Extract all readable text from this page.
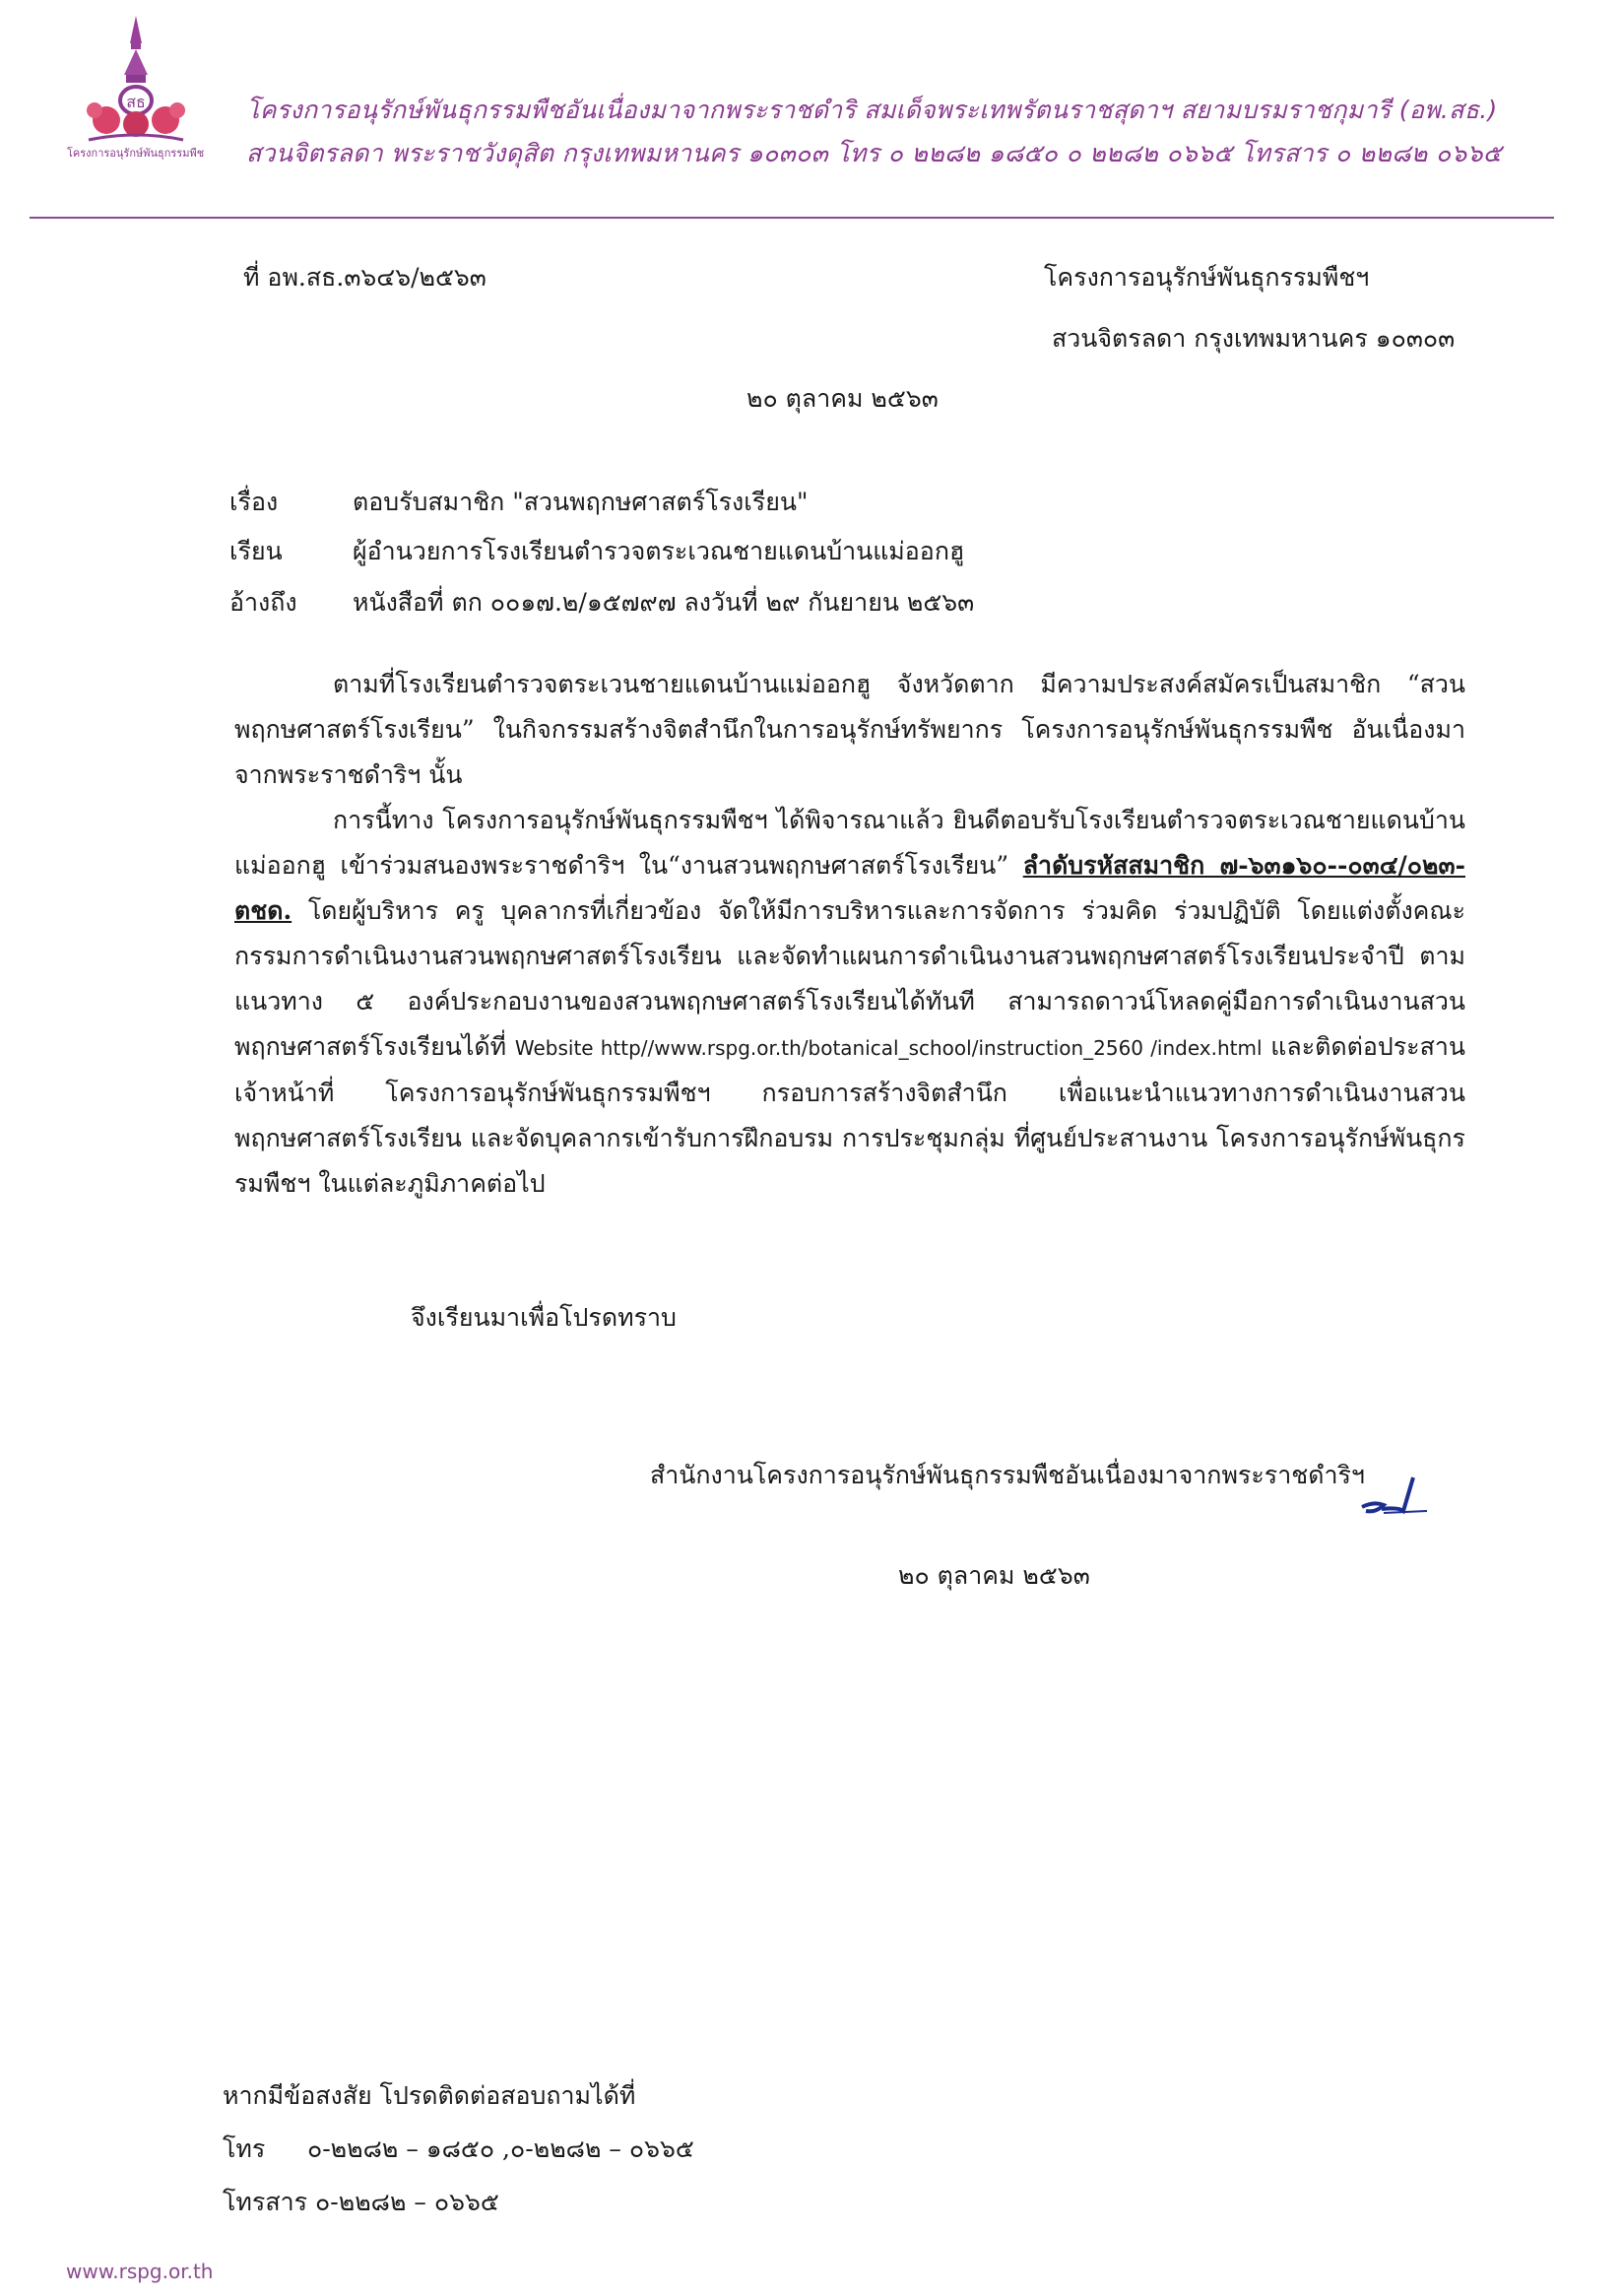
สธ
โครงการอนุรักษ์พันธุกรรมพืช
โครงการอนุรักษ์พันธุกรรมพืชอันเนื่องมาจากพระราชดำริ สมเด็จพระเทพรัตนราชสุดาฯ สยามบรมราชกุมารี (อพ.สธ.)
สวนจิตรลดา พระราชวังดุสิต กรุงเทพมหานคร ๑๐๓๐๓ โทร ๐ ๒๒๘๒ ๑๘๕๐ ๐ ๒๒๘๒ ๐๖๖๕ โทรสาร ๐ ๒๒๘๒ ๐๖๖๕
ที่ อพ.สธ.๓๖๔๖/๒๕๖๓	โครงการอนุรักษ์พันธุกรรมพืชฯ
สวนจิตรลดา กรุงเทพมหานคร ๑๐๓๐๓
๒๐ ตุลาคม ๒๕๖๓
เรื่อง	ตอบรับสมาชิก "สวนพฤกษศาสตร์โรงเรียน"
เรียน	ผู้อำนวยการโรงเรียนตำรวจตระเวณชายแดนบ้านแม่ออกฮู
อ้างถึง หนังสือที่ ตก ๐๐๑๗.๒/๑๕๗๙๗ ลงวันที่ ๒๙ กันยายน ๒๕๖๓

ตามที่โรงเรียนตำรวจตระเวนชายแดนบ้านแม่ออกฮู จังหวัดตาก มีความประสงค์สมัครเป็นสมาชิก “สวนพฤกษศาสตร์โรงเรียน” ในกิจกรรมสร้างจิตสำนึกในการอนุรักษ์ทรัพยากร โครงการอนุรักษ์พันธุกรรมพืช อันเนื่องมาจากพระราชดำริฯ นั้น

การนี้ทาง โครงการอนุรักษ์พันธุกรรมพืชฯ ได้พิจารณาแล้ว ยินดีตอบรับโรงเรียนตำรวจตระเวณชายแดนบ้านแม่ออกฮู เข้าร่วมสนองพระราชดำริฯ ใน“งานสวนพฤกษศาสตร์โรงเรียน” ลำดับรหัสสมาชิก ๗-๖๓๑๖๐--๐๓๔/๐๒๓-ตชด. โดยผู้บริหาร ครู บุคลากรที่เกี่ยวข้อง จัดให้มีการบริหารและการจัดการ ร่วมคิด ร่วมปฏิบัติ โดยแต่งตั้งคณะกรรมการดำเนินงานสวนพฤกษศาสตร์โรงเรียน และจัดทำแผนการดำเนินงานสวนพฤกษศาสตร์โรงเรียนประจำปี ตามแนวทาง ๕ องค์ประกอบงานของสวนพฤกษศาสตร์โรงเรียนได้ทันที สามารถดาวน์โหลดคู่มือการดำเนินงานสวนพฤกษศาสตร์โรงเรียนได้ที่ Website http//www.rspg.or.th/botanical_school/instruction_2560 /index.html และติดต่อประสานเจ้าหน้าที่ โครงการอนุรักษ์พันธุกรรมพืชฯ กรอบการสร้างจิตสำนึก เพื่อแนะนำแนวทางการดำเนินงานสวนพฤกษศาสตร์โรงเรียน และจัดบุคลากรเข้ารับการฝึกอบรม การประชุมกลุ่ม ที่ศูนย์ประสานงาน โครงการอนุรักษ์พันธุกรรมพืชฯ ในแต่ละภูมิภาคต่อไป

จึงเรียนมาเพื่อโปรดทราบ
สำนักงานโครงการอนุรักษ์พันธุกรรมพืชอันเนื่องมาจากพระราชดำริฯ
๒๐ ตุลาคม ๒๕๖๓
หากมีข้อสงสัย โปรดติดต่อสอบถามได้ที่
โทร ๐-๒๒๘๒ – ๑๘๕๐ ,๐-๒๒๘๒ – ๐๖๖๕
โทรสาร ๐-๒๒๘๒ – ๐๖๖๕
www.rspg.or.th
